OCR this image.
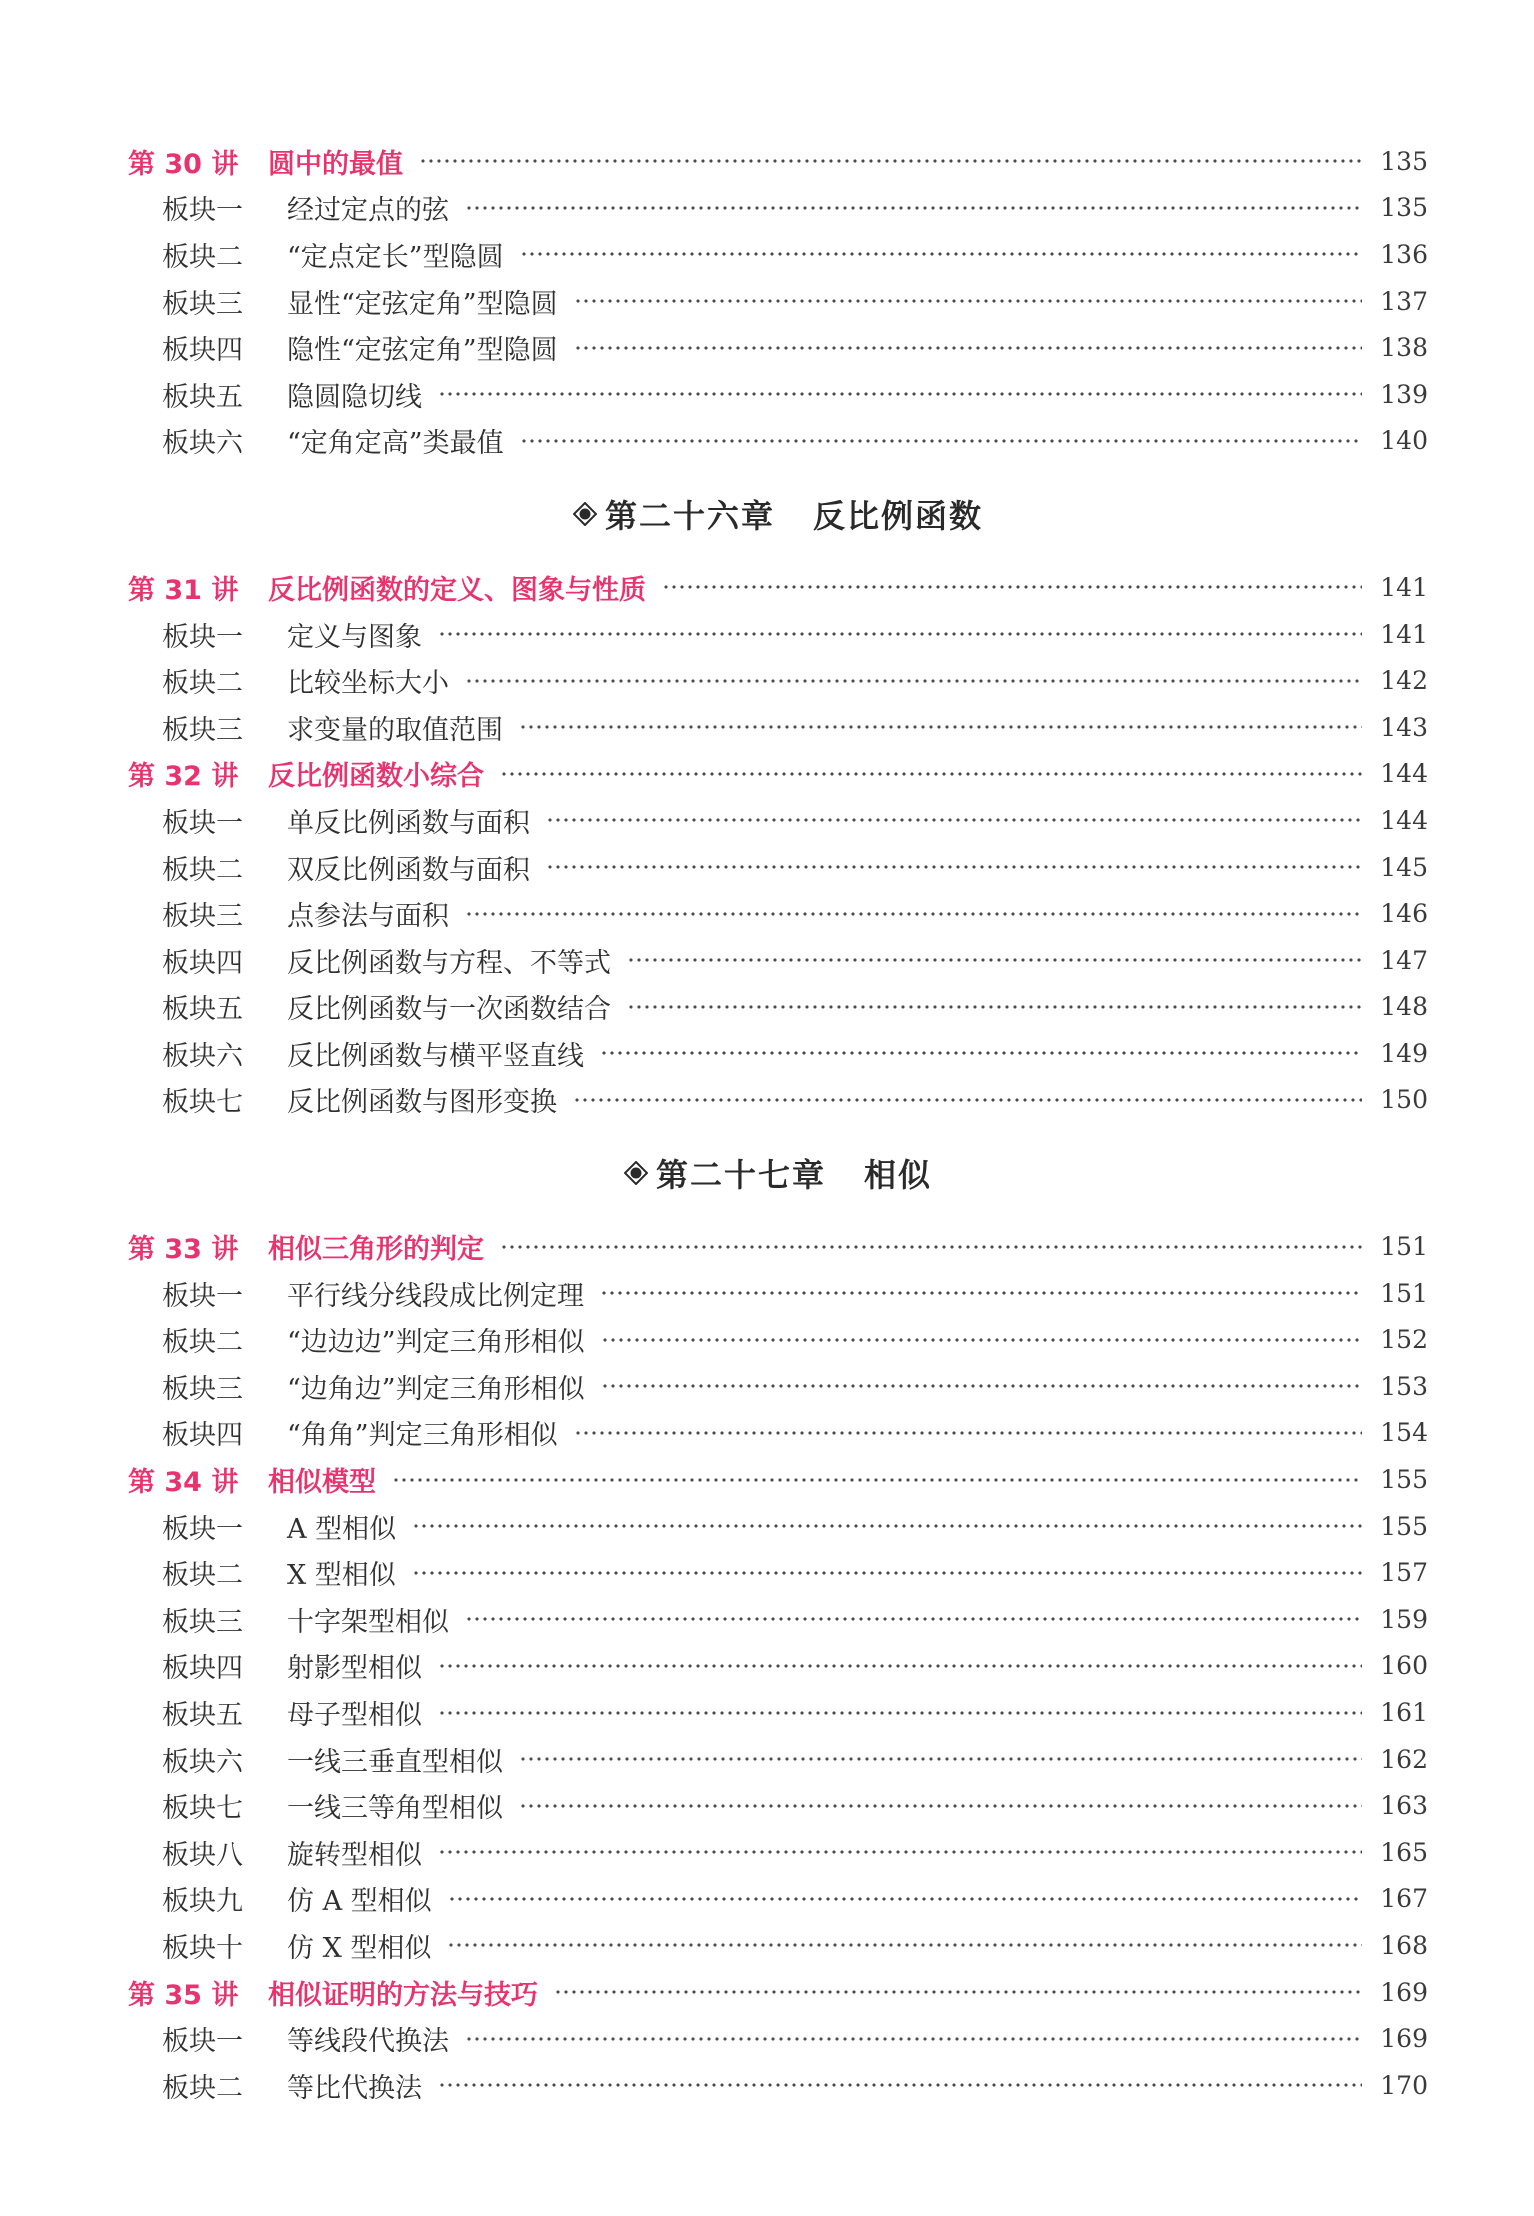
第 30 讲	圆中的最值	135
板块一	经过定点的弦	135
板块二	“定点定长”型隐圆	136
板块三	显性“定弦定角”型隐圆	137
板块四	隐性“定弦定角”型隐圆	138
板块五	隐圆隐切线	139
板块六	“定角定高”类最值	140
第二十六章 反比例函数
第 31 讲	反比例函数的定义、图象与性质	141
板块一	定义与图象	141
板块二	比较坐标大小	142
板块三	求变量的取值范围	143
第 32 讲	反比例函数小综合	144
板块一	单反比例函数与面积	144
板块二	双反比例函数与面积	145
板块三	点参法与面积	146
板块四	反比例函数与方程、不等式	147
板块五	反比例函数与一次函数结合	148
板块六	反比例函数与横平竖直线	149
板块七	反比例函数与图形变换	150
第二十七章 相似
第 33 讲	相似三角形的判定	151
板块一	平行线分线段成比例定理	151
板块二	“边边边”判定三角形相似	152
板块三	“边角边”判定三角形相似	153
板块四	“角角”判定三角形相似	154
第 34 讲	相似模型	155
板块一	A 型相似	155
板块二	X 型相似	157
板块三	十字架型相似	159
板块四	射影型相似	160
板块五	母子型相似	161
板块六	一线三垂直型相似	162
板块七	一线三等角型相似	163
板块八	旋转型相似	165
板块九	仿 A 型相似	167
板块十	仿 X 型相似	168
第 35 讲	相似证明的方法与技巧	169
板块一	等线段代换法	169
板块二	等比代换法	170
